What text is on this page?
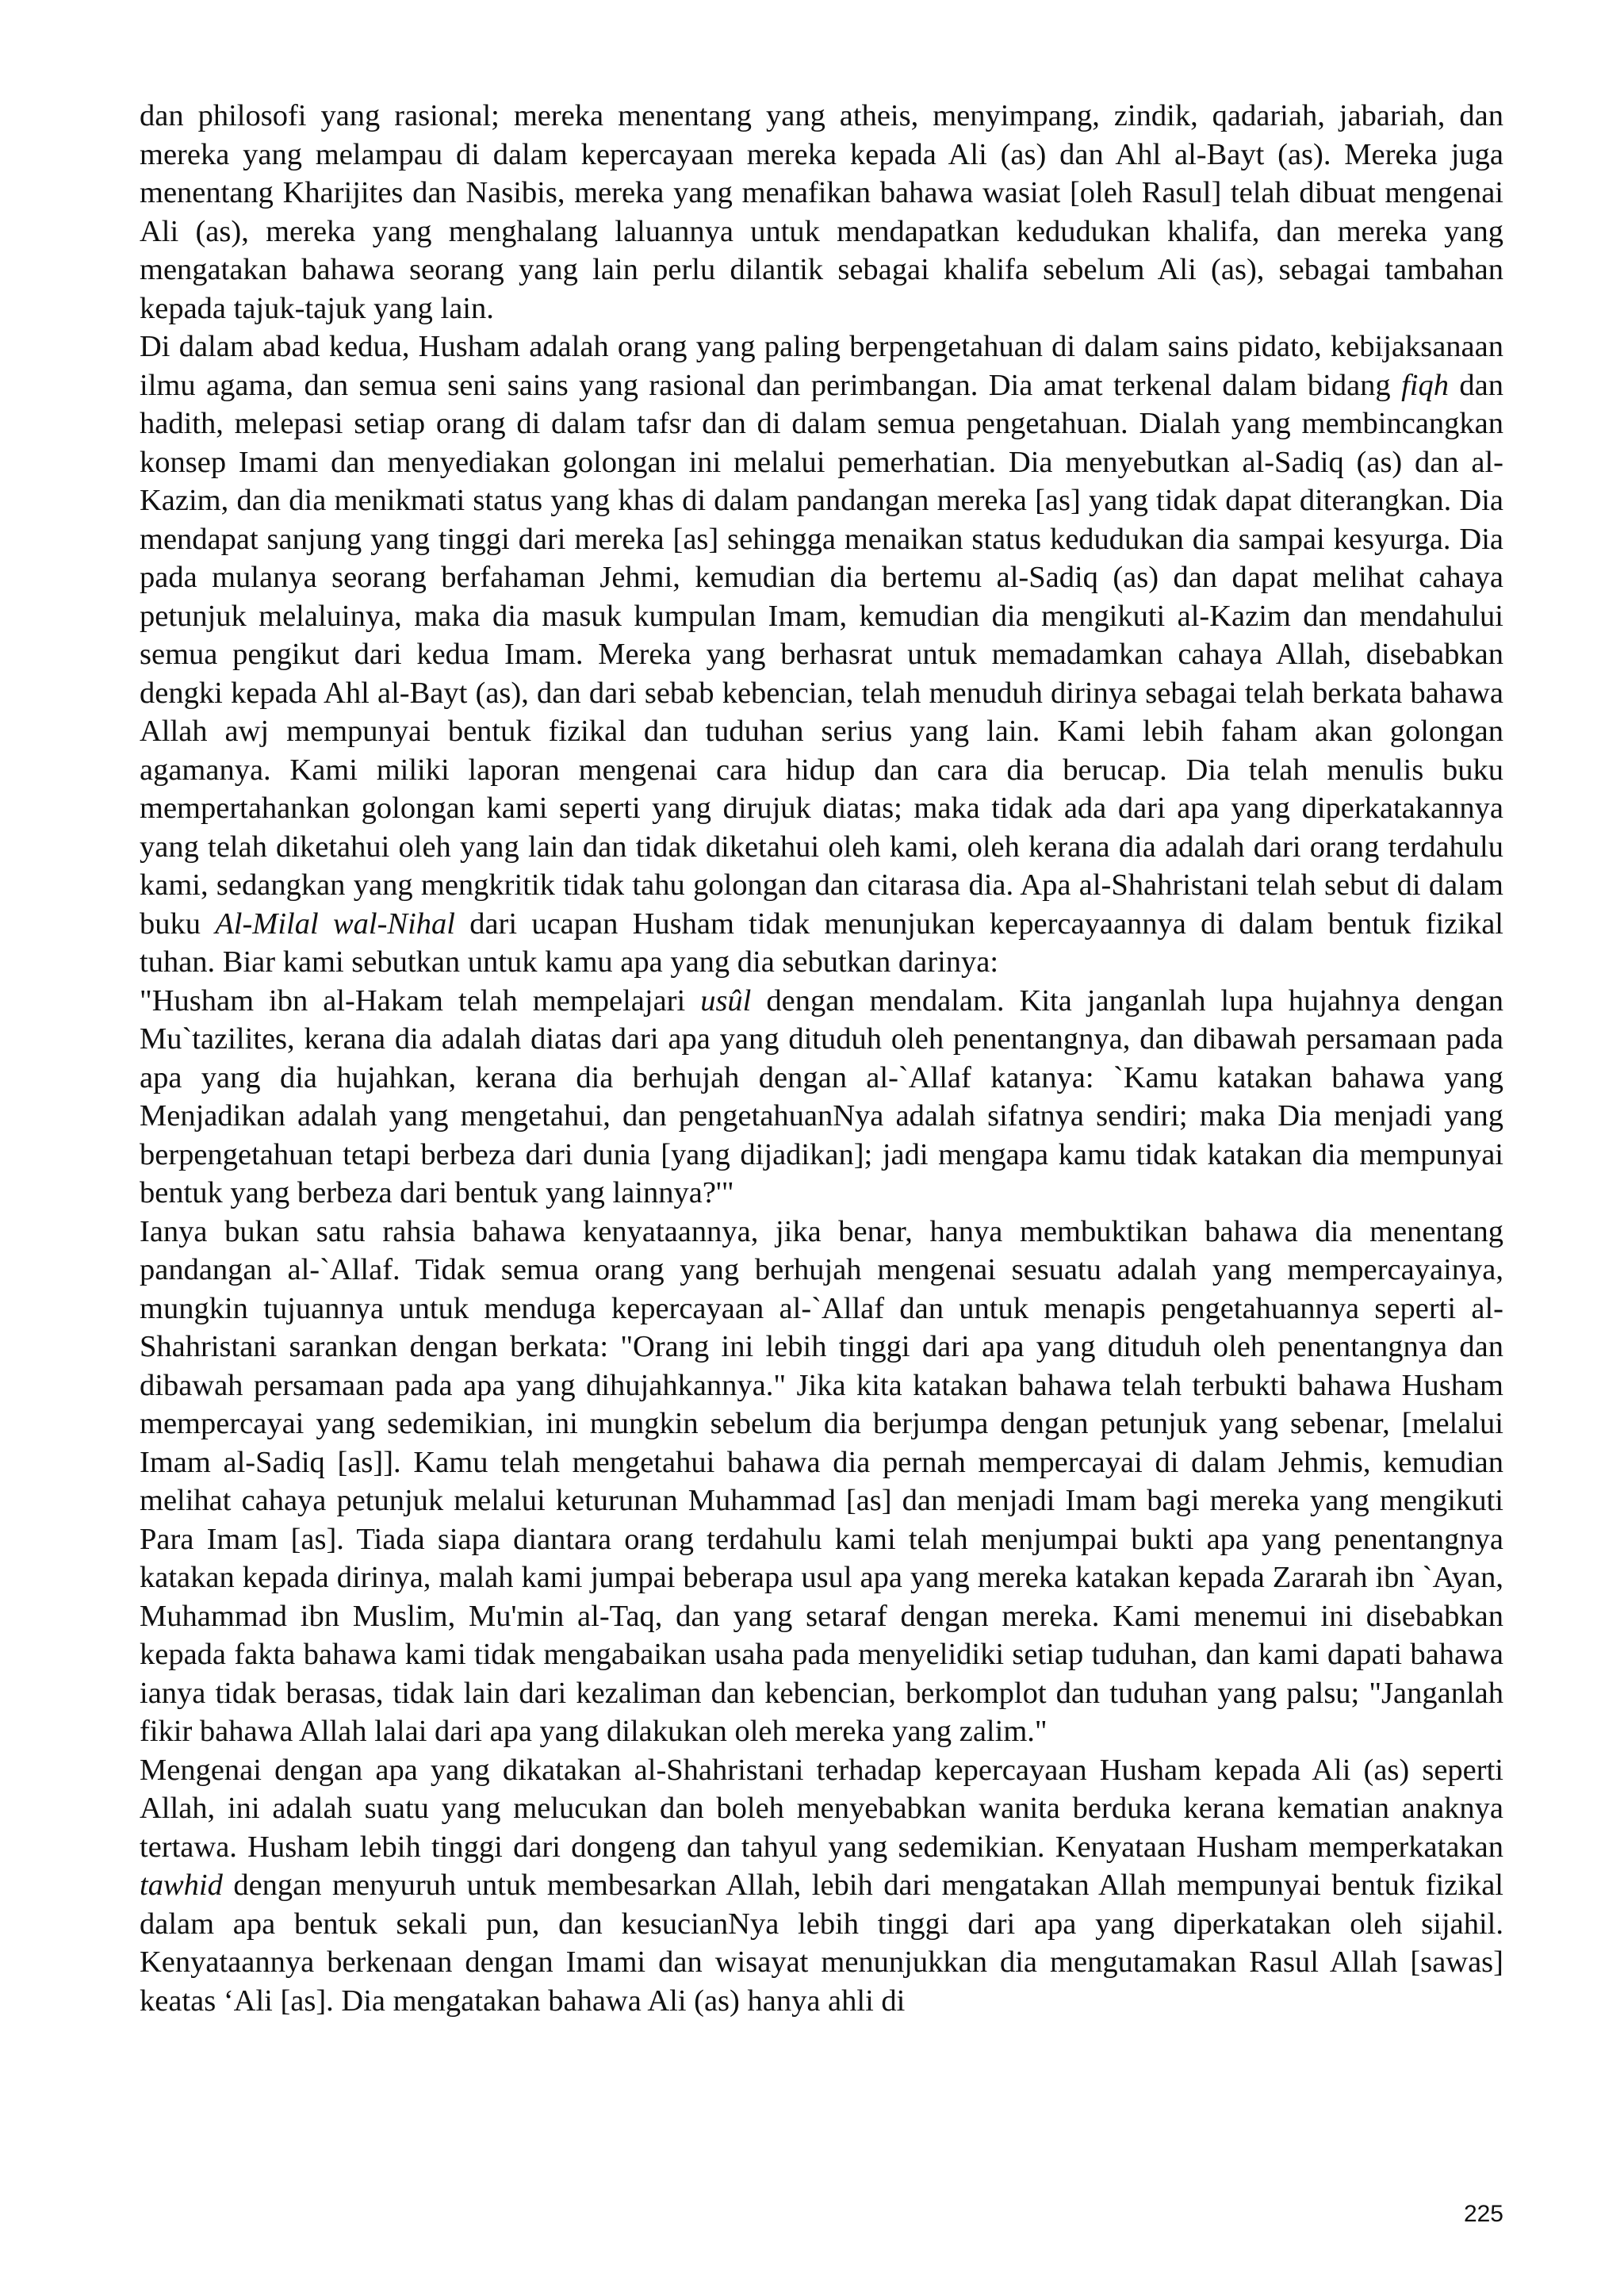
dan philosofi yang rasional; mereka menentang yang atheis, menyimpang, zindik, qadariah, jabariah, dan mereka yang melampau di dalam kepercayaan mereka kepada Ali (as) dan Ahl al-Bayt (as). Mereka juga menentang Kharijites dan Nasibis, mereka yang menafikan bahawa wasiat [oleh Rasul] telah dibuat mengenai Ali (as), mereka yang menghalang laluannya untuk mendapatkan kedudukan khalifa, dan mereka yang mengatakan bahawa seorang yang lain perlu dilantik sebagai khalifa sebelum Ali (as), sebagai tambahan kepada tajuk-tajuk yang lain.

Di dalam abad kedua, Husham adalah orang yang paling berpengetahuan di dalam sains pidato, kebijaksanaan ilmu agama, dan semua seni sains yang rasional dan perimbangan. Dia amat terkenal dalam bidang fiqh dan hadith, melepasi setiap orang di dalam tafsr dan di dalam semua pengetahuan. Dialah yang membincangkan konsep Imami dan menyediakan golongan ini melalui pemerhatian. Dia menyebutkan al-Sadiq (as) dan al-Kazim, dan dia menikmati status yang khas di dalam pandangan mereka [as] yang tidak dapat diterangkan. Dia mendapat sanjung yang tinggi dari mereka [as] sehingga menaikan status kedudukan dia sampai kesyurga. Dia pada mulanya seorang berfahaman Jehmi, kemudian dia bertemu al-Sadiq (as) dan dapat melihat cahaya petunjuk melaluinya, maka dia masuk kumpulan Imam, kemudian dia mengikuti al-Kazim dan mendahului semua pengikut dari kedua Imam. Mereka yang berhasrat untuk memadamkan cahaya Allah, disebabkan dengki kepada Ahl al-Bayt (as), dan dari sebab kebencian, telah menuduh dirinya sebagai telah berkata bahawa Allah awj mempunyai bentuk fizikal dan tuduhan serius yang lain. Kami lebih faham akan golongan agamanya. Kami miliki laporan mengenai cara hidup dan cara dia berucap. Dia telah menulis buku mempertahankan golongan kami seperti yang dirujuk diatas; maka tidak ada dari apa yang diperkatakannya yang telah diketahui oleh yang lain dan tidak diketahui oleh kami, oleh kerana dia adalah dari orang terdahulu kami, sedangkan yang mengkritik tidak tahu golongan dan citarasa dia. Apa al-Shahristani telah sebut di dalam buku Al-Milal wal-Nihal dari ucapan Husham tidak menunjukan kepercayaannya di dalam bentuk fizikal tuhan. Biar kami sebutkan untuk kamu apa yang dia sebutkan darinya:

"Husham ibn al-Hakam telah mempelajari usûl dengan mendalam. Kita janganlah lupa hujahnya dengan Mu`tazilites, kerana dia adalah diatas dari apa yang dituduh oleh penentangnya, dan dibawah persamaan pada apa yang dia hujahkan, kerana dia berhujah dengan al-`Allaf katanya: `Kamu katakan bahawa yang Menjadikan adalah yang mengetahui, dan pengetahuanNya adalah sifatnya sendiri; maka Dia menjadi yang berpengetahuan tetapi berbeza dari dunia [yang dijadikan]; jadi mengapa kamu tidak katakan dia mempunyai bentuk yang berbeza dari bentuk yang lainnya?'"

Ianya bukan satu rahsia bahawa kenyataannya, jika benar, hanya membuktikan bahawa dia menentang pandangan al-`Allaf. Tidak semua orang yang berhujah mengenai sesuatu adalah yang mempercayainya, mungkin tujuannya untuk menduga kepercayaan al-`Allaf dan untuk menapis pengetahuannya seperti al-Shahristani sarankan dengan berkata: "Orang ini lebih tinggi dari apa yang dituduh oleh penentangnya dan dibawah persamaan pada apa yang dihujahkannya." Jika kita katakan bahawa telah terbukti bahawa Husham mempercayai yang sedemikian, ini mungkin sebelum dia berjumpa dengan petunjuk yang sebenar, [melalui Imam al-Sadiq [as]]. Kamu telah mengetahui bahawa dia pernah mempercayai di dalam Jehmis, kemudian melihat cahaya petunjuk melalui keturunan Muhammad [as] dan menjadi Imam bagi mereka yang mengikuti Para Imam [as]. Tiada siapa diantara orang terdahulu kami telah menjumpai bukti apa yang penentangnya katakan kepada dirinya, malah kami jumpai beberapa usul apa yang mereka katakan kepada Zararah ibn `Ayan, Muhammad ibn Muslim, Mu'min al-Taq, dan yang setaraf dengan mereka. Kami menemui ini disebabkan kepada fakta bahawa kami tidak mengabaikan usaha pada menyelidiki setiap tuduhan, dan kami dapati bahawa ianya tidak berasas, tidak lain dari kezaliman dan kebencian, berkomplot dan tuduhan yang palsu; "Janganlah fikir bahawa Allah lalai dari apa yang dilakukan oleh mereka yang zalim."

Mengenai dengan apa yang dikatakan al-Shahristani terhadap kepercayaan Husham kepada Ali (as) seperti Allah, ini adalah suatu yang melucukan dan boleh menyebabkan wanita berduka kerana kematian anaknya tertawa. Husham lebih tinggi dari dongeng dan tahyul yang sedemikian. Kenyataan Husham memperkatakan tawhid dengan menyuruh untuk membesarkan Allah, lebih dari mengatakan Allah mempunyai bentuk fizikal dalam apa bentuk sekali pun, dan kesucianNya lebih tinggi dari apa yang diperkatakan oleh sijahil. Kenyataannya berkenaan dengan Imami dan wisayat menunjukkan dia mengutamakan Rasul Allah [sawas] keatas ‘Ali [as]. Dia mengatakan bahawa Ali (as) hanya ahli di

225
